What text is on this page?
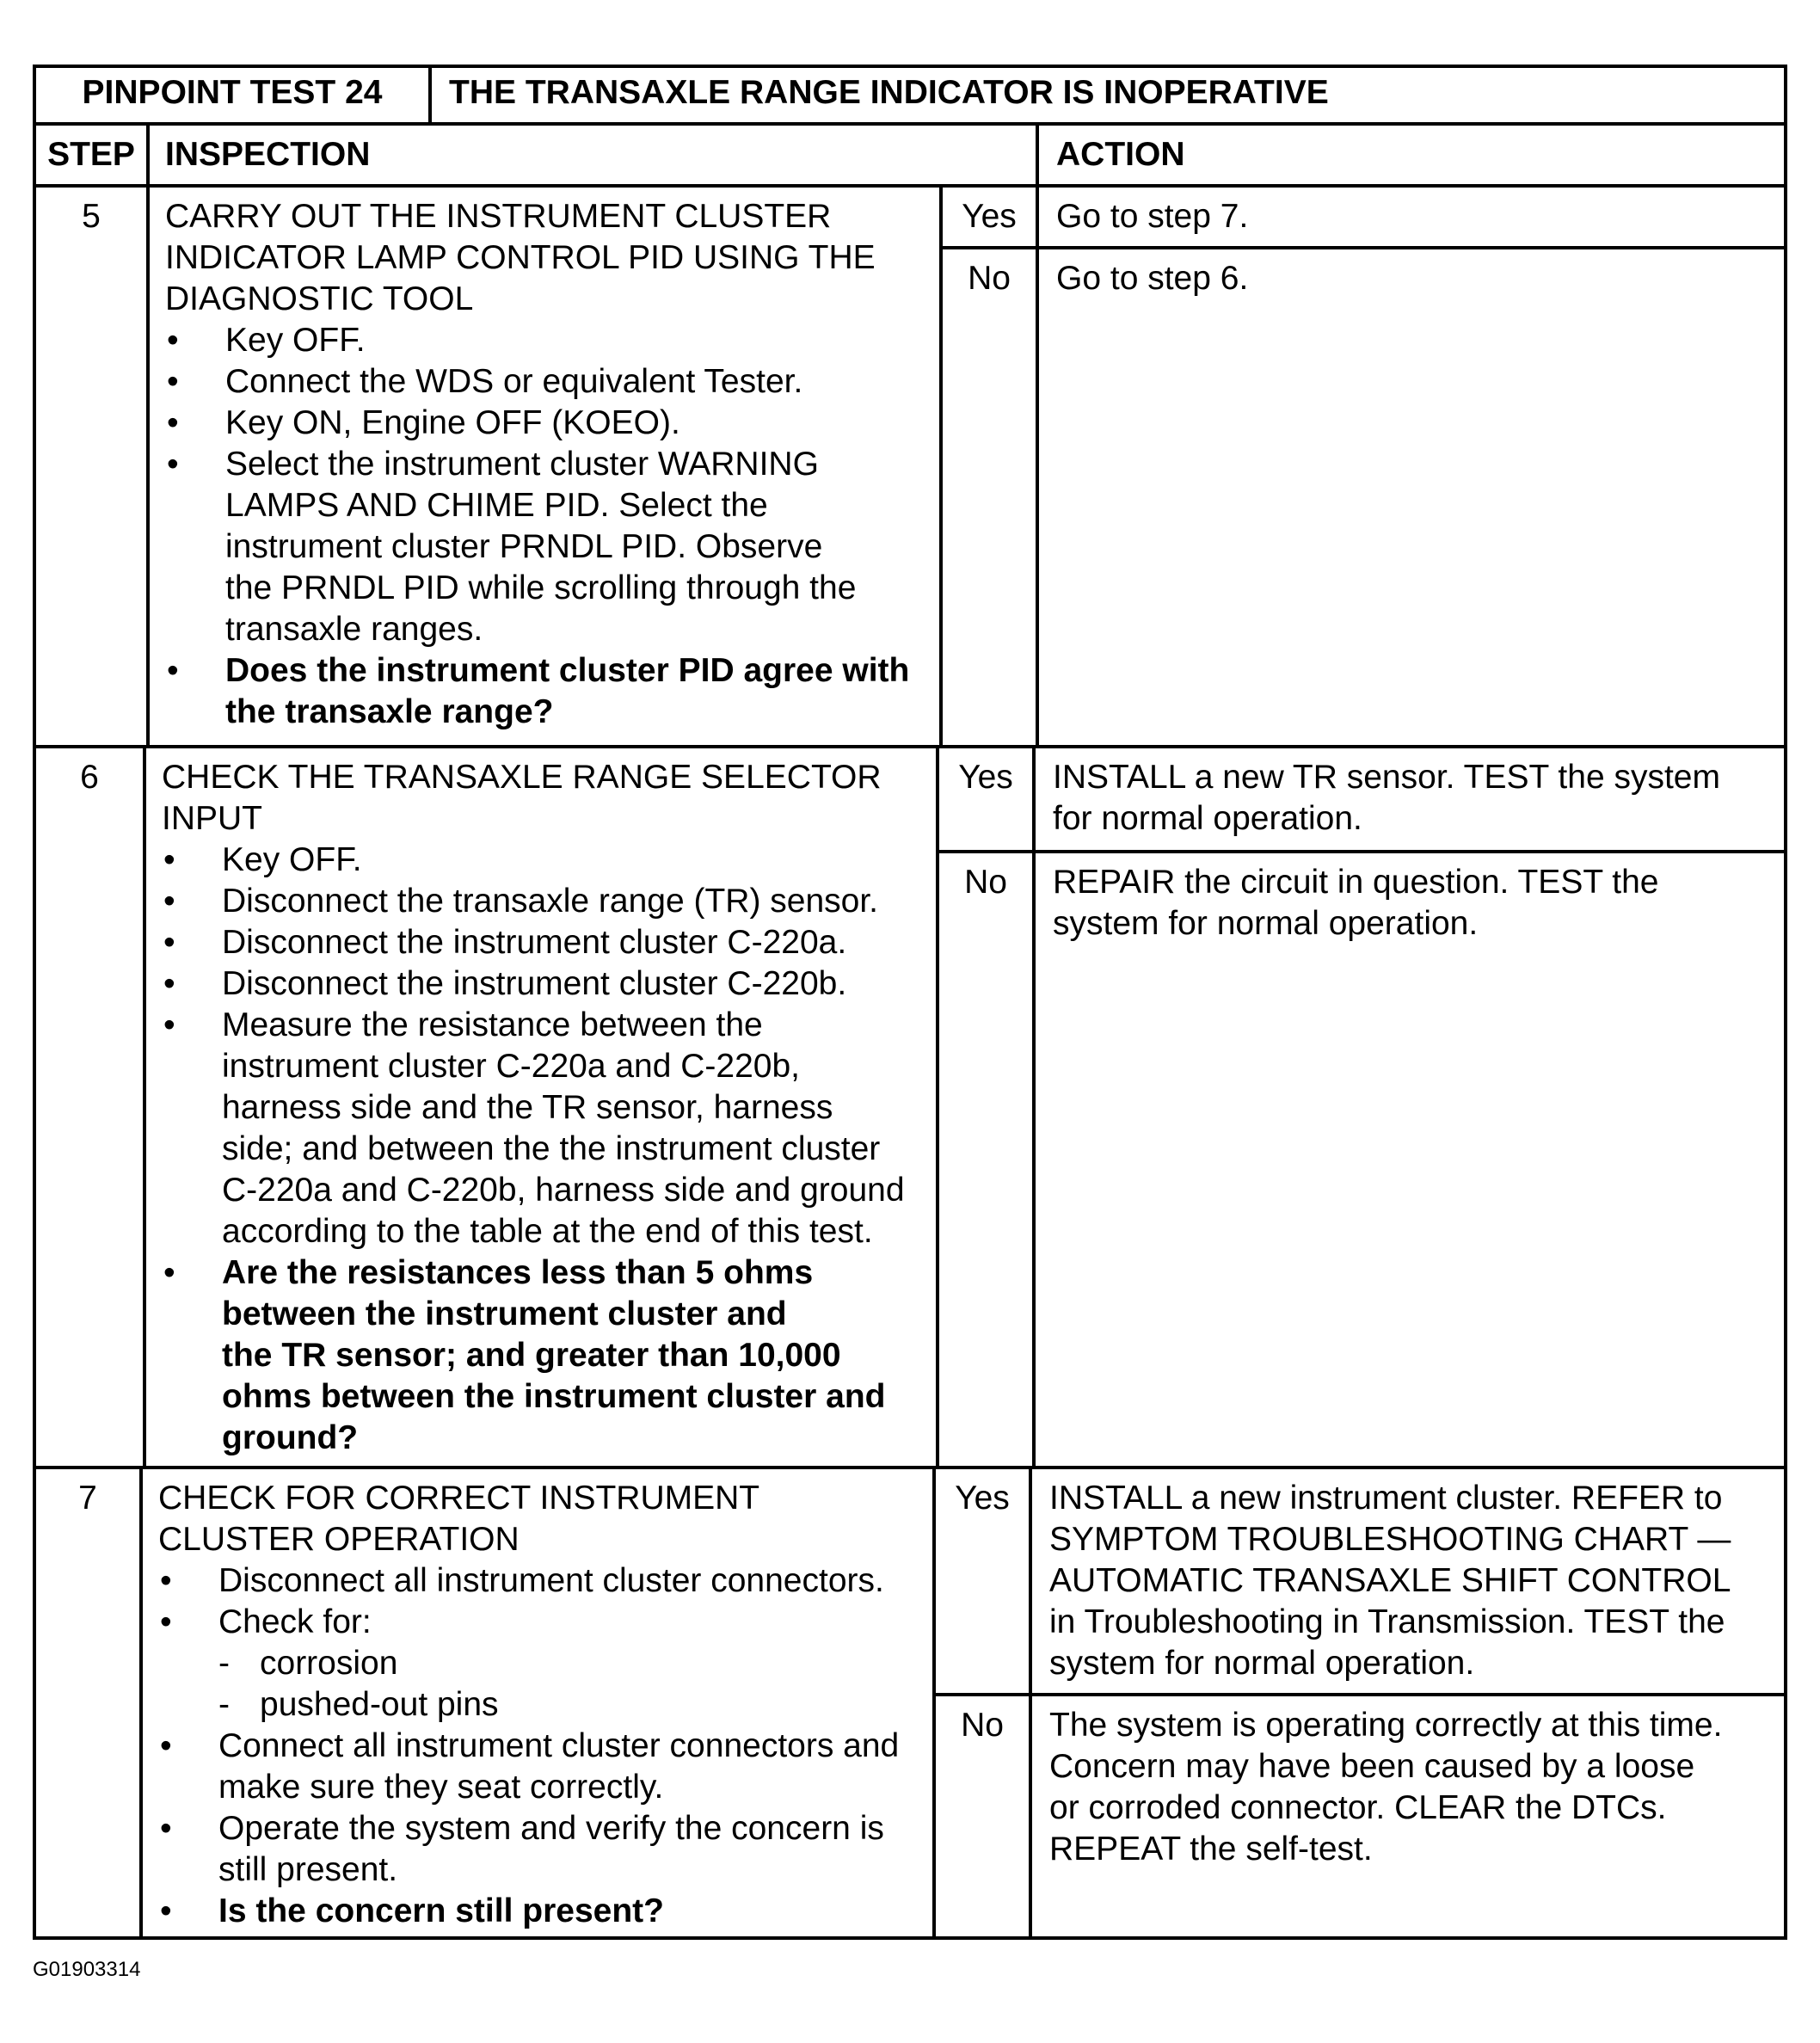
PINPOINT TEST 24	THE TRANSAXLE RANGE INDICATOR IS INOPERATIVE
STEP INSPECTION	ACTION
5	CARRY OUT THE INSTRUMENT CLUSTER
INDICATOR LAMP CONTROL PID USING THE
DIAGNOSTIC TOOL
• Key OFF.
• Connect the WDS or equivalent Tester.
• Key ON, Engine OFF (KOEO).
• Select the instrument cluster WARNING
LAMPS AND CHIME PID. Select the
instrument cluster PRNDL PID. Observe
the PRNDL PID while scrolling through the
transaxle ranges.
• Does the instrument cluster PID agree with
the transaxle range?
Yes	Go to step 7.
No	Go to step 6.
6	CHECK THE TRANSAXLE RANGE SELECTOR
INPUT
• Key OFF.
• Disconnect the transaxle range (TR) sensor.
• Disconnect the instrument cluster C-220a.
• Disconnect the instrument cluster C-220b.
• Measure the resistance between the
instrument cluster C-220a and C-220b,
harness side and the TR sensor, harness
side; and between the the instrument cluster
C-220a and C-220b, harness side and ground
according to the table at the end of this test.
• Are the resistances less than 5 ohms
between the instrument cluster and
the TR sensor; and greater than 10,000
ohms between the instrument cluster and
ground?
Yes	INSTALL a new TR sensor. TEST the system
for normal operation.
No	REPAIR the circuit in question. TEST the
system for normal operation.
7	CHECK FOR CORRECT INSTRUMENT
CLUSTER OPERATION
• Disconnect all instrument cluster connectors.
• Check for:
- corrosion
- pushed-out pins
• Connect all instrument cluster connectors and
make sure they seat correctly.
• Operate the system and verify the concern is
still present.
• Is the concern still present?
Yes	INSTALL a new instrument cluster. REFER to
SYMPTOM TROUBLESHOOTING CHART —
AUTOMATIC TRANSAXLE SHIFT CONTROL
in Troubleshooting in Transmission. TEST the
system for normal operation.
No	The system is operating correctly at this time.
Concern may have been caused by a loose
or corroded connector. CLEAR the DTCs.
REPEAT the self-test.
G01903314
